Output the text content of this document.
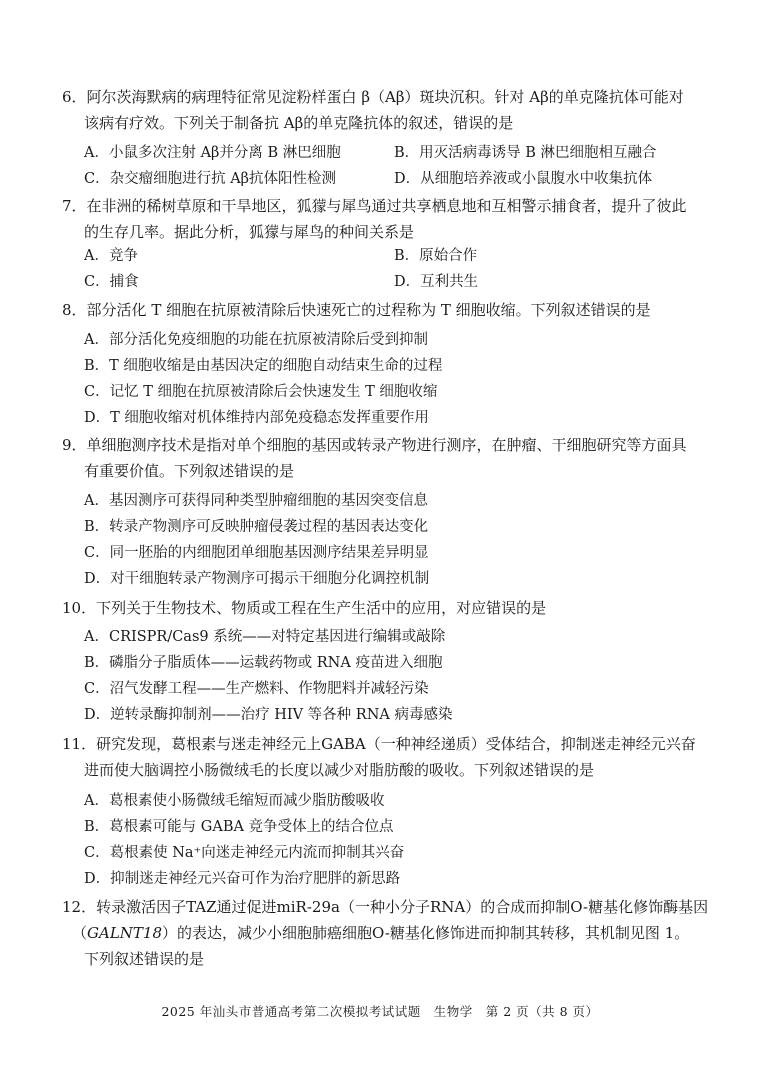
6．阿尔茨海默病的病理特征常见淀粉样蛋白 β（Aβ）斑块沉积。针对 Aβ的单克隆抗体可能对
该病有疗效。下列关于制备抗 Aβ的单克隆抗体的叙述，错误的是
A．小鼠多次注射 Aβ并分离 B 淋巴细胞	B．用灭活病毒诱导 B 淋巴细胞相互融合
C．杂交瘤细胞进行抗 Aβ抗体阳性检测	D．从细胞培养液或小鼠腹水中收集抗体
7．在非洲的稀树草原和干旱地区，狐獴与犀鸟通过共享栖息地和互相警示捕食者，提升了彼此
的生存几率。据此分析，狐獴与犀鸟的种间关系是
A．竞争	B．原始合作
C．捕食	D．互利共生
8．部分活化 T 细胞在抗原被清除后快速死亡的过程称为 T 细胞收缩。下列叙述错误的是
A．部分活化免疫细胞的功能在抗原被清除后受到抑制
B．T 细胞收缩是由基因决定的细胞自动结束生命的过程
C．记忆 T 细胞在抗原被清除后会快速发生 T 细胞收缩
D．T 细胞收缩对机体维持内部免疫稳态发挥重要作用
9．单细胞测序技术是指对单个细胞的基因或转录产物进行测序，在肿瘤、干细胞研究等方面具
有重要价值。下列叙述错误的是
A．基因测序可获得同种类型肿瘤细胞的基因突变信息
B．转录产物测序可反映肿瘤侵袭过程的基因表达变化
C．同一胚胎的内细胞团单细胞基因测序结果差异明显
D．对干细胞转录产物测序可揭示干细胞分化调控机制
10．下列关于生物技术、物质或工程在生产生活中的应用，对应错误的是
A．CRISPR/Cas9 系统——对特定基因进行编辑或敲除
B．磷脂分子脂质体——运载药物或 RNA 疫苗进入细胞
C．沼气发酵工程——生产燃料、作物肥料并减轻污染
D．逆转录酶抑制剂——治疗 HIV 等各种 RNA 病毒感染
11．研究发现，葛根素与迷走神经元上GABA（一种神经递质）受体结合，抑制迷走神经元兴奋
进而使大脑调控小肠微绒毛的长度以减少对脂肪酸的吸收。下列叙述错误的是
A．葛根素使小肠微绒毛缩短而减少脂肪酸吸收
B．葛根素可能与 GABA 竞争受体上的结合位点
C．葛根素使 Na⁺向迷走神经元内流而抑制其兴奋
D．抑制迷走神经元兴奋可作为治疗肥胖的新思路
12．转录激活因子TAZ通过促进miR-29a（一种小分子RNA）的合成而抑制O-糖基化修饰酶基因
（GALNT18）的表达，减少小细胞肺癌细胞O-糖基化修饰进而抑制其转移，其机制见图 1。
下列叙述错误的是
2025 年汕头市普通高考第二次模拟考试试题　生物学　第 2 页（共 8 页）
